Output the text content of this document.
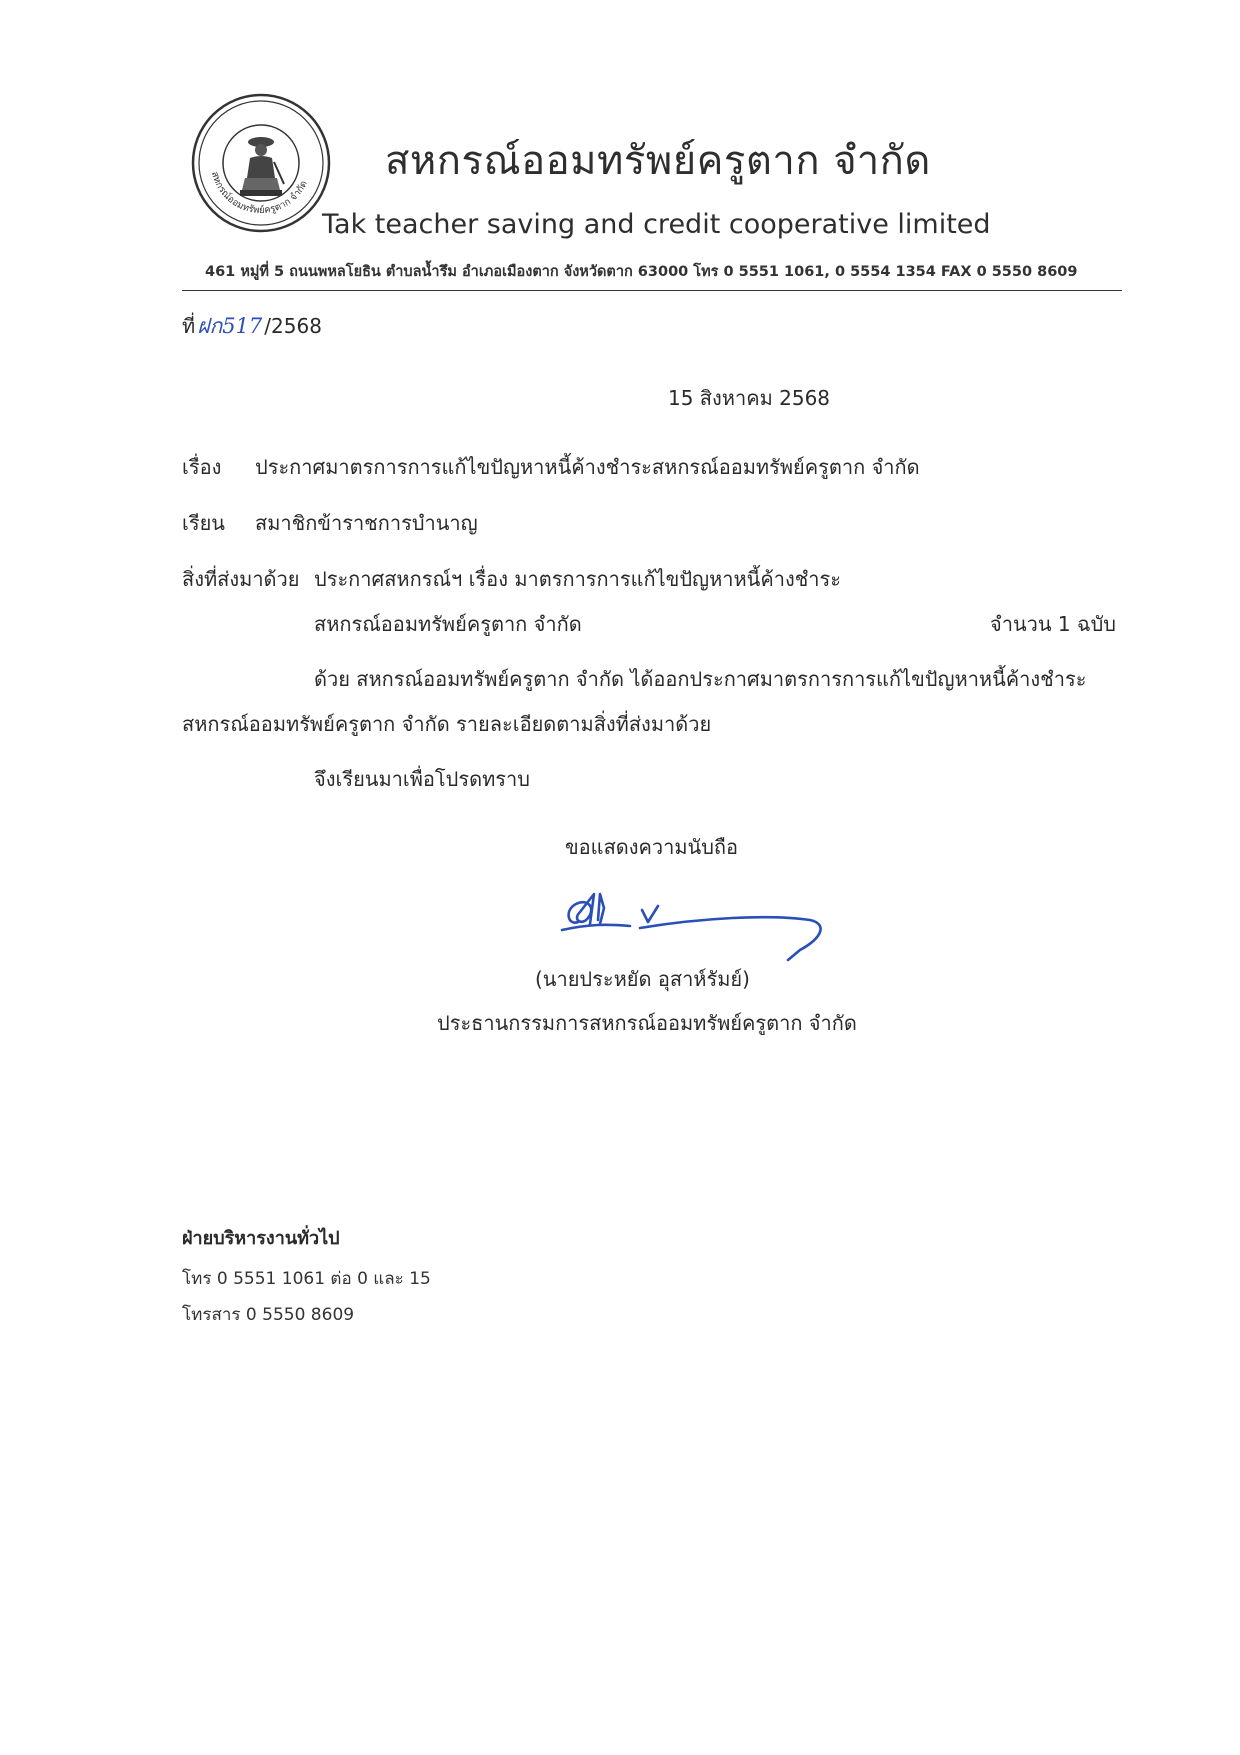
สหกรณ์ออมทรัพย์ครูตาก จำกัด
สหกรณ์ออมทรัพย์ครูตาก จำกัด
Tak teacher saving and credit cooperative limited
461 หมู่ที่ 5 ถนนพหลโยธิน ตำบลน้ำรึม อำเภอเมืองตาก จังหวัดตาก 63000 โทร 0 5551 1061, 0 5554 1354 FAX 0 5550 8609
ที่ฝก517 /2568
15 สิงหาคม 2568
เรื่อง ประกาศมาตรการการแก้ไขปัญหาหนี้ค้างชำระสหกรณ์ออมทรัพย์ครูตาก จำกัด
เรียน สมาชิกข้าราชการบำนาญ
สิ่งที่ส่งมาด้วย ประกาศสหกรณ์ฯ เรื่อง มาตรการการแก้ไขปัญหาหนี้ค้างชำระ
สหกรณ์ออมทรัพย์ครูตาก จำกัด	จำนวน 1 ฉบับ
ด้วย สหกรณ์ออมทรัพย์ครูตาก จำกัด ได้ออกประกาศมาตรการการแก้ไขปัญหาหนี้ค้างชำระ
สหกรณ์ออมทรัพย์ครูตาก จำกัด รายละเอียดตามสิ่งที่ส่งมาด้วย
จึงเรียนมาเพื่อโปรดทราบ
ขอแสดงความนับถือ
(นายประหยัด อุสาห์รัมย์)
ประธานกรรมการสหกรณ์ออมทรัพย์ครูตาก จำกัด
ฝ่ายบริหารงานทั่วไป
โทร 0 5551 1061 ต่อ 0 และ 15
โทรสาร 0 5550 8609
